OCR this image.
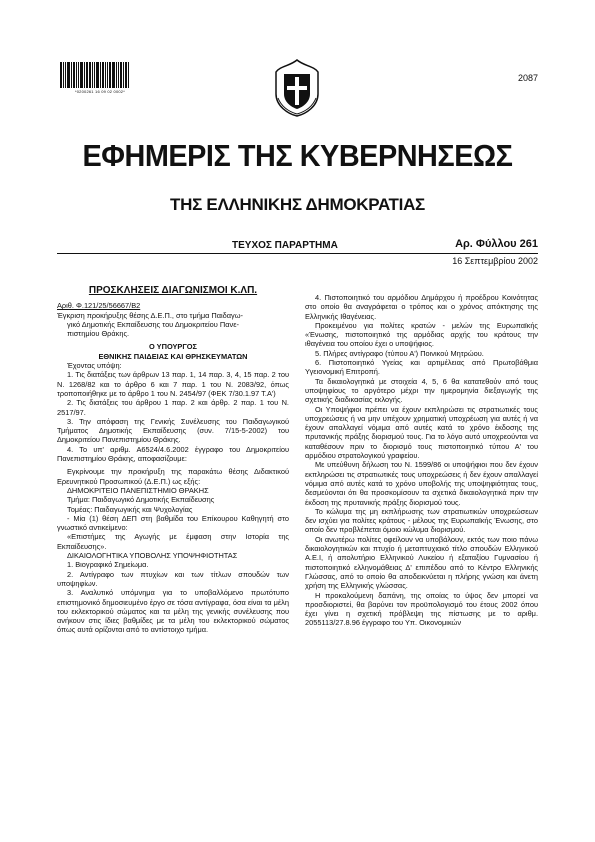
*0200261 16 09 02 0002*
2087
ΕΦΗΜΕΡΙΣ ΤΗΣ ΚΥΒΕΡΝΗΣΕΩΣ
ΤΗΣ ΕΛΛΗΝΙΚΗΣ ΔΗΜΟΚΡΑΤΙΑΣ
ΤΕΥΧΟΣ ΠΑΡΑΡΤΗΜΑ	Αρ. Φύλλου 261
16 Σεπτεμβρίου 2002

ΠΡΟΣΚΛΗΣΕΙΣ ΔΙΑΓΩΝΙΣΜΟΙ Κ.ΛΠ.

Αριθ. Φ.121/25/56667/Β2

Έγκριση προκήρυξης θέσης Δ.Ε.Π., στο τμήμα Παιδαγω-

γικό Δημοτικής Εκπαίδευσης του Δημοκριτείου Πανε-

πιστημίου Θράκης.

Ο ΥΠΟΥΡΓΟΣ

ΕΘΝΙΚΗΣ ΠΑΙΔΕΙΑΣ ΚΑΙ ΘΡΗΣΚΕΥΜΑΤΩΝ

Έχοντας υπόψη:

1. Τις διατάξεις των άρθρων 13 παρ. 1, 14 παρ. 3, 4, 15 παρ. 2 του Ν. 1268/82 και το άρθρο 6 και 7 παρ. 1 του Ν. 2083/92, όπως τροποποιήθηκε με το άρθρο 1 του Ν. 2454/97 (ΦΕΚ 7/30.1.97 Τ.Α')

2. Τις διατάξεις του άρθρου 1 παρ. 2 και άρθρ. 2 παρ. 1 του Ν. 2517/97.

3. Την απόφαση της Γενικής Συνέλευσης του Παιδαγωγικού Τμήματος Δημοτικής Εκπαίδευσης (συν. 7/15-5-2002) του Δημοκριτείου Πανεπιστημίου Θράκης.

4. Το υπ' αριθμ. Α6524/4.6.2002 έγγραφο του Δημοκριτείου Πανεπιστημίου Θράκης, αποφασίζουμε:

Εγκρίνουμε την προκήρυξη της παρακάτω θέσης Διδακτικού Ερευνητικού Προσωπικού (Δ.Ε.Π.) ως εξής:

ΔΗΜΟΚΡΙΤΕΙΟ ΠΑΝΕΠΙΣΤΗΜΙΟ ΘΡΑΚΗΣ

Τμήμα: Παιδαγωγικό Δημοτικής Εκπαίδευσης

Τομέας: Παιδαγωγικής και Ψυχολογίας

- Μία (1) θέση ΔΕΠ στη βαθμίδα του Επίκουρου Καθηγητή στο γνωστικό αντικείμενο:

«Επιστήμες της Αγωγής με έμφαση στην Ιστορία της Εκπαίδευσης».

ΔΙΚΑΙΟΛΟΓΗΤΙΚΑ ΥΠΟΒΟΛΗΣ ΥΠΟΨΗΦΙΟΤΗΤΑΣ

1. Βιογραφικό Σημείωμα.

2. Αντίγραφο των πτυχίων και των τίτλων σπουδών των υποψηφίων.

3. Αναλυτικό υπόμνημα για το υποβαλλόμενο πρωτότυπο επιστημονικό δημοσιευμένο έργο σε τόσα αντίγραφα, όσα είναι τα μέλη του εκλεκτορικού σώματος και τα μέλη της γενικής συνέλευσης που ανήκουν στις ίδιες βαθμίδες με τα μέλη του εκλεκτορικού σώματος όπως αυτά ορίζονται από το αντίστοιχο τμήμα.

4. Πιστοποιητικό του αρμόδιου Δημάρχου ή προέδρου Κοινότητας στο οποίο θα αναγράφεται ο τρόπος και ο χρόνος απόκτησης της Ελληνικής Ιθαγένειας.

Προκειμένου για πολίτες κρατών - μελών της Ευρωπαϊκής «Ένωσης, πιστοποιητικό της αρμόδιας αρχής του κράτους την ιθαγένεια του οποίου έχει ο υποψήφιος.

5. Πλήρες αντίγραφο (τύπου Α') Ποινικού Μητρώου.

6. Πιστοποιητικό Υγείας και αρτιμέλειας από Πρωτοβάθμια Υγειονομική Επιτροπή.

Τα δικαιολογητικά με στοιχεία 4, 5, 6 θα κατατεθούν από τους υποψηφίους το αργότερο μέχρι την ημερομηνία διεξαγωγής της σχετικής διαδικασίας εκλογής.

Οι Υποψήφιοι πρέπει να έχουν εκπληρώσει τις στρατιωτικές τους υποχρεώσεις ή να μην υπέχουν χρηματική υποχρέωση για αυτές ή να έχουν απαλλαγεί νόμιμα από αυτές κατά το χρόνο έκδοσης της πρυτανικής πράξης διορισμού τους. Για το λόγο αυτό υποχρεούνται να καταθέσουν πριν το διορισμό τους πιστοποιητικό τύπου Α' του αρμόδιου στρατολογικού γραφείου.

Με υπεύθυνη δήλωση του Ν. 1599/86 οι υποψήφιοι που δεν έχουν εκπληρώσει τις στρατιωτικές τους υποχρεώσεις ή δεν έχουν απαλλαγεί νόμιμα από αυτές κατά το χρόνο υποβολής της υποψηφιότητας τους, δεσμεύονται ότι θα προσκομίσουν τα σχετικά δικαιολογητικά πριν την έκδοση της πρυτανικής πράξης διορισμού τους.

Το κώλυμα της μη εκπλήρωσης των στρατιωτικών υποχρεώσεων δεν ισχύει για πολίτες κράτους - μέλους της Ευρωπαϊκής Ένωσης, στο οποίο δεν προβλέπεται όμοιο κώλυμα διορισμού.

Οι ανωτέρω πολίτες οφείλουν να υποβάλουν, εκτός των ποιο πάνω δικαιολογητικών και πτυχίο ή μεταπτυχιακό τίτλο σπουδών Ελληνικού Α.Ε.Ι, ή απολυτήριο Ελληνικού Λυκείου ή εξαταξίου Γυμνασίου ή πιστοποιητικό ελληνομάθειας Δ' επιπέδου από το Κέντρο Ελληνικής Γλώσσας, από το οποίο θα αποδεικνύεται η πλήρης γνώση και άνετη χρήση της Ελληνικής γλώσσας.

Η προκαλούμενη δαπάνη, της οποίας το ύψος δεν μπορεί να προσδιοριστεί, θα βαρύνει τον προϋπολογισμό του έτους 2002 όπου έχει γίνει η σχετική πρόβλεψη της πίστωσης με το αριθμ. 2055113/27.8.96 έγγραφο του Υπ. Οικονομικών
